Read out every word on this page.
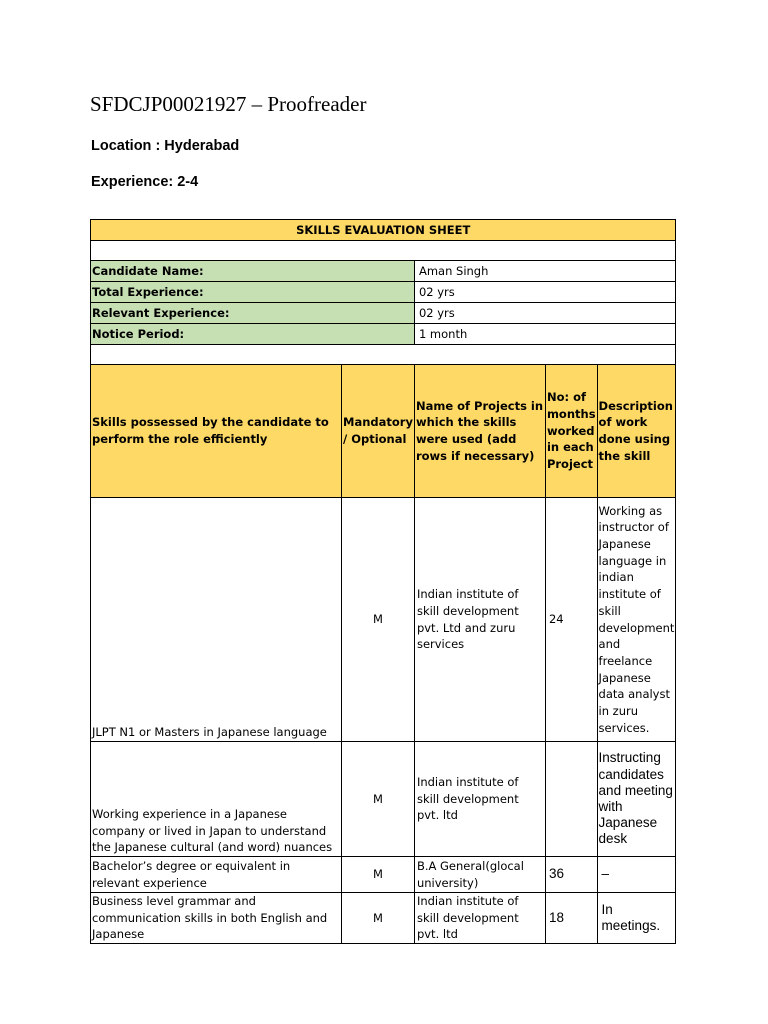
SFDCJP00021927 – Proofreader
Location : Hyderabad
Experience: 2-4
SKILLS EVALUATION SHEET				

Candidate Name:		Aman Singh		
Total Experience:		02 yrs		
Relevant Experience:		02 yrs		
Notice Period:		1 month		

Skills possessed by the candidate to perform the role efficiently	Mandatory / Optional	Name of Projects in which the skills were used (add rows if necessary)	No: of months worked in each Project	Description of work done using the skill
JLPT N1 or Masters in Japanese language	M	Indian institute of skill development pvt. Ltd and zuru services	24	Working as instructor of Japanese language in indian institute of skill development and freelance Japanese data analyst in zuru services.
Working experience in a Japanese company or lived in Japan to understand the Japanese cultural (and word) nuances	M	Indian institute of skill development pvt. ltd		Instructing candidates and meeting with Japanese desk
Bachelor’s degree or equivalent in relevant experience	M	B.A General(glocal university)	36	–
Business level grammar and communication skills in both English and Japanese	M	Indian institute of skill development pvt. ltd	18	In meetings.
